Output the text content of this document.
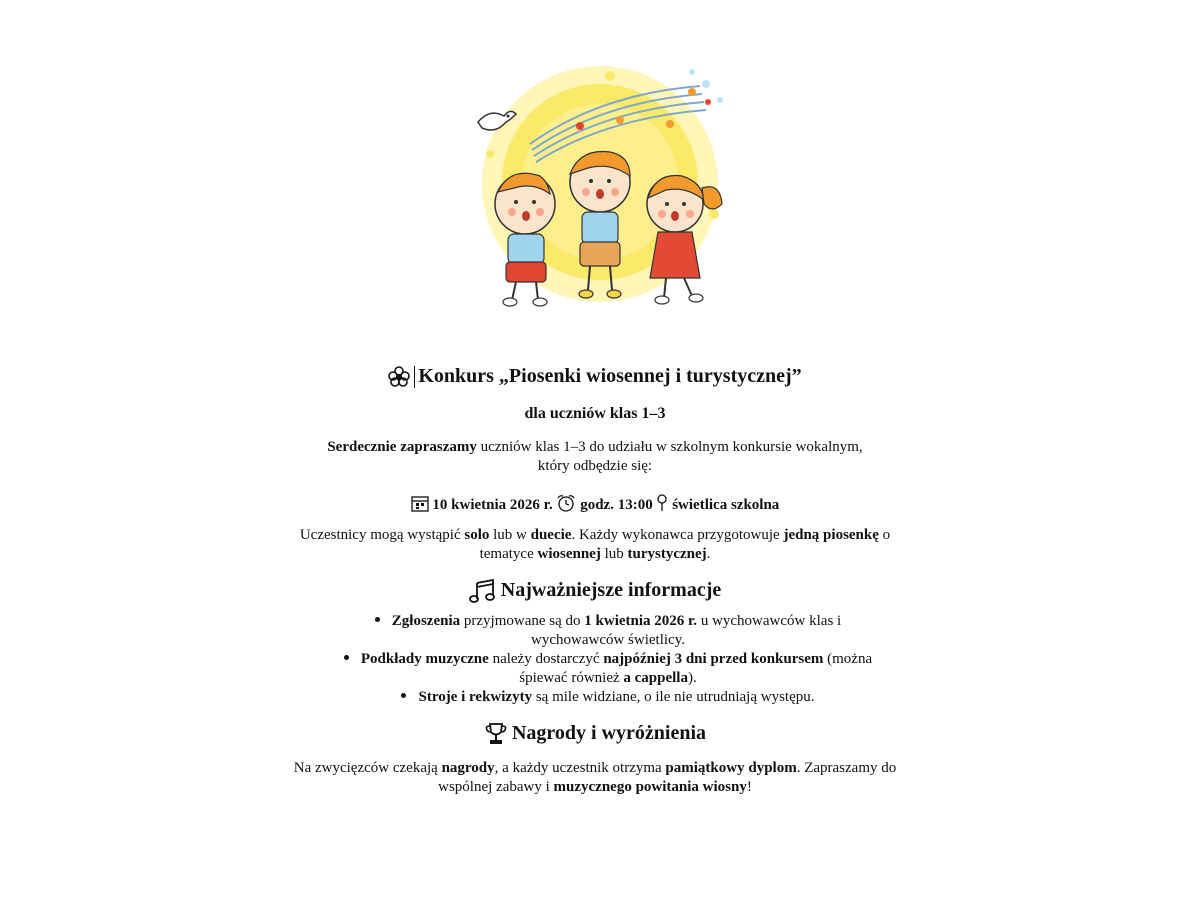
Konkurs „Piosenki wiosennej i turystycznej”
dla uczniów klas 1–3

Serdecznie zapraszamy uczniów klas 1–3 do udziału w szkolnym konkursie wokalnym, który odbędzie się:

10 kwietnia 2026 r. godz. 13:00 świetlica szkolna

Uczestnicy mogą wystąpić solo lub w duecie. Każdy wykonawca przygotowuje jedną piosenkę o tematyce wiosennej lub turystycznej.

Najważniejsze informacje
Zgłoszenia przyjmowane są do 1 kwietnia 2026 r. u wychowawców klas i wychowawców świetlicy.
Podkłady muzyczne należy dostarczyć najpóźniej 3 dni przed konkursem (można śpiewać również a cappella).
Stroje i rekwizyty są mile widziane, o ile nie utrudniają występu.
Nagrody i wyróżnienia

Na zwycięzców czekają nagrody, a każdy uczestnik otrzyma pamiątkowy dyplom. Zapraszamy do wspólnej zabawy i muzycznego powitania wiosny!
